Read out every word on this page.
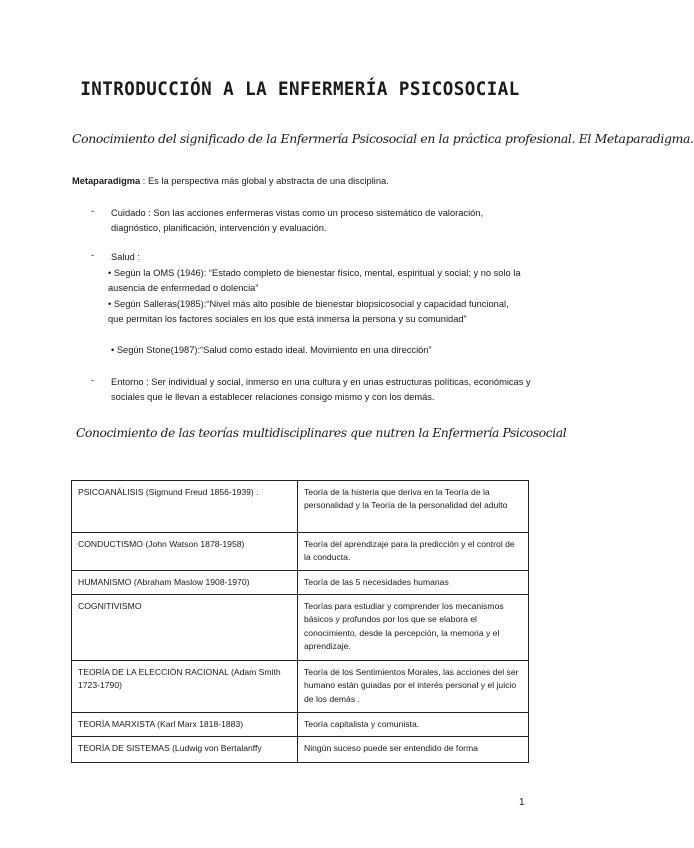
INTRODUCCIÓN A LA ENFERMERÍA PSICOSOCIAL
Conocimiento del significado de la Enfermería Psicosocial en la práctica profesional. El Metaparadigma.
Metaparadigma : Es la perspectiva más global y abstracta de una disciplina.
- Cuidado : Son las acciones enfermeras vistas como un proceso sistemático de valoración, diagnóstico, planificación, intervención y evaluación.
- Salud :
• Según la OMS (1946): “Estado completo de bienestar físico, mental, espiritual y social; y no solo la ausencia de enfermedad o dolencia”
• Según Salleras(1985):“Nivel más alto posible de bienestar biopsicosocial y capacidad funcional, que permitan los factores sociales en los que está inmersa la persona y su comunidad”
• Según Stone(1987):“Salud como estado ideal. Movimiento en una dirección”
- Entorno : Ser individual y social, inmerso en una cultura y en unas estructuras políticas, económicas y sociales que le llevan a establecer relaciones consigo mismo y con los demás.
Conocimiento de las teorías multidisciplinares que nutren la Enfermería Psicosocial
PSICOANÁLISIS (Sigmund Freud 1856-1939) .	Teoría de la histeria que deriva en la Teoría de la personalidad y la Teoría de la personalidad del adulto
CONDUCTISMO (John Watson 1878-1958)	Teoría del aprendizaje para la predicción y el control de la conducta.
HUMANISMO (Abraham Maslow 1908-1970)	Teoría de las 5 necesidades humanas
COGNITIVISMO	Teorías para estudiar y comprender los mecanismos básicos y profundos por los que se elabora el conocimiento, desde la percepción, la memoria y el aprendizaje.
TEORÍA DE LA ELECCIÓN RACIONAL (Adam Smith 1723-1790)	Teoría de los Sentimientos Morales, las acciones del ser humano están guiadas por el interés personal y el juicio de los demás .
TEORÍA MARXISTA (Karl Marx 1818-1883)	Teoría capitalista y comunista.
TEORÍA DE SISTEMAS (Ludwig von Bertalanffy	Ningún suceso puede ser entendido de forma
1
